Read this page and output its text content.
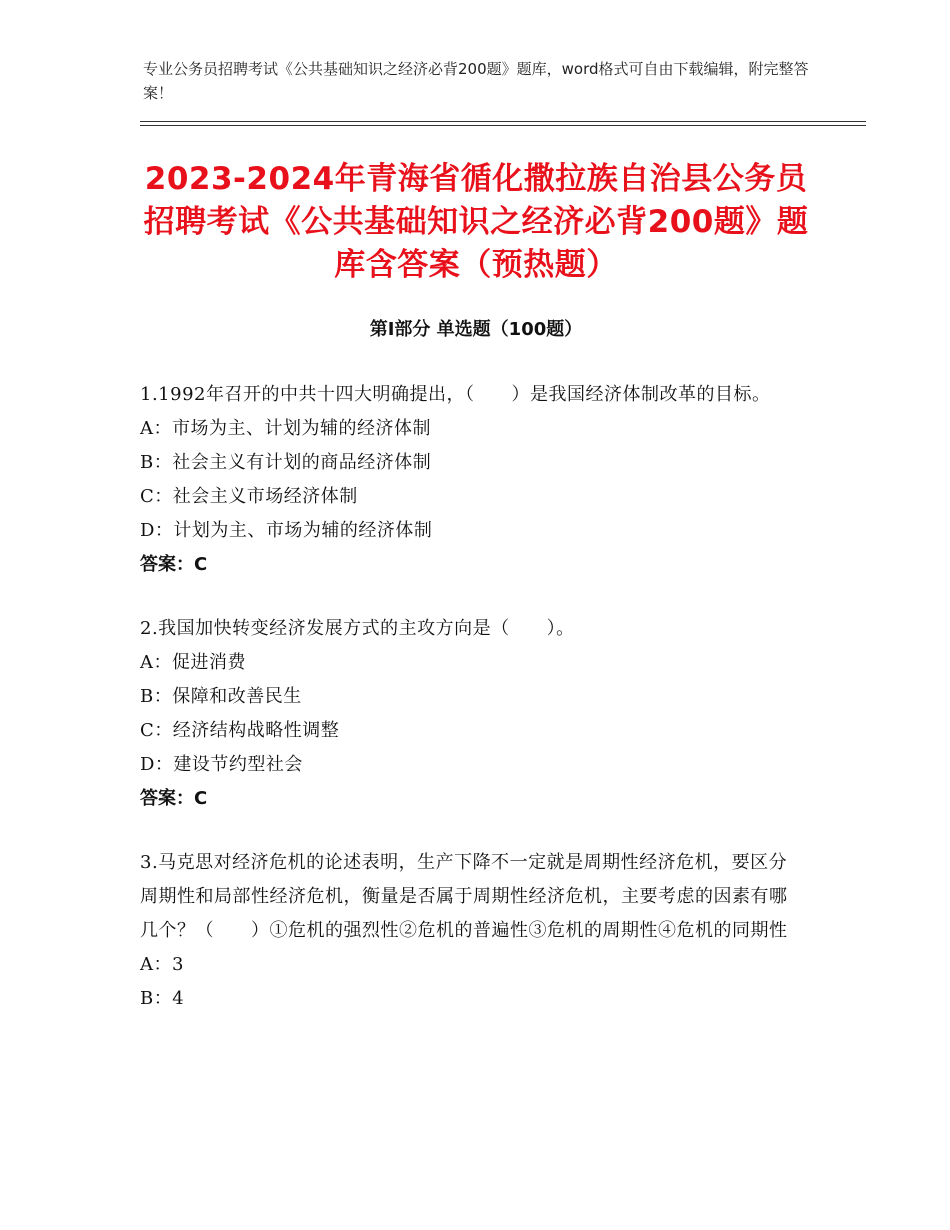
专业公务员招聘考试《公共基础知识之经济必背200题》题库，word格式可自由下载编辑，附完整答案！
2023-2024年青海省循化撒拉族自治县公务员招聘考试《公共基础知识之经济必背200题》题库含答案（预热题）
第Ⅰ部分 单选题（100题）
1.1992年召开的中共十四大明确提出，（　　）是我国经济体制改革的目标。
A：市场为主、计划为辅的经济体制
B：社会主义有计划的商品经济体制
C：社会主义市场经济体制
D：计划为主、市场为辅的经济体制
答案：C
2.我国加快转变经济发展方式的主攻方向是（　　）。
A：促进消费
B：保障和改善民生
C：经济结构战略性调整
D：建设节约型社会
答案：C
3.马克思对经济危机的论述表明，生产下降不一定就是周期性经济危机，要区分周期性和局部性经济危机，衡量是否属于周期性经济危机，主要考虑的因素有哪几个？（　　）①危机的强烈性②危机的普遍性③危机的周期性④危机的同期性
A：3
B：4
